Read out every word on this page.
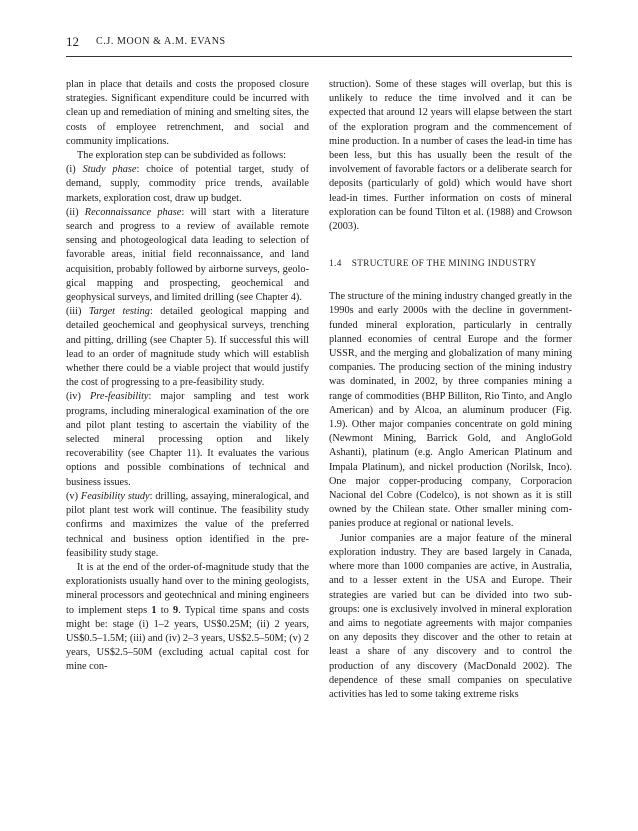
12 C.J. MOON & A.M. EVANS

plan in place that details and costs the proposed closure strategies. Significant expenditure could be incurred with clean up and remediation of mining and smelting sites, the costs of employee retrenchment, and social and community implications.

The exploration step can be subdivided as follows:

(i) Study phase: choice of potential target, study of demand, supply, commodity price trends, available markets, exploration cost, draw up budget.

(ii) Reconnaissance phase: will start with a literature search and progress to a review of available remote sensing and photogeological data leading to selection of favorable areas, initial field reconnaissance, and land acquisition, probably followed by airborne surveys, geological mapping and prospecting, geochemical and geophysical surveys, and limited drilling (see Chapter 4).

(iii) Target testing: detailed geological mapping and detailed geochemical and geophysical surveys, trenching and pitting, drilling (see Chapter 5). If successful this will lead to an order of magnitude study which will establish whether there could be a viable project that would justify the cost of progressing to a pre-feasibility study.

(iv) Pre-feasibility: major sampling and test work programs, including mineralogical examination of the ore and pilot plant testing to ascertain the viability of the selected mineral processing option and likely recoverability (see Chapter 11). It evaluates the various options and possible combinations of technical and business issues.

(v) Feasibility study: drilling, assaying, mineralogical, and pilot plant test work will continue. The feasibility study confirms and maximizes the value of the preferred technical and business option identified in the pre-feasibility study stage.

It is at the end of the order-of-magnitude study that the explorationists usually hand over to the mining geologists, mineral processors and geotechnical and mining engineers to implement steps 1 to 9. Typical time spans and costs might be: stage (i) 1–2 years, US$0.25M; (ii) 2 years, US$0.5–1.5M; (iii) and (iv) 2–3 years, US$2.5–50M; (v) 2 years, US$2.5–50M (excluding actual capital cost for mine con-

struction). Some of these stages will overlap, but this is unlikely to reduce the time involved and it can be expected that around 12 years will elapse between the start of the exploration program and the commencement of mine production. In a number of cases the lead-in time has been less, but this has usually been the result of the involvement of favorable factors or a deliberate search for deposits (particularly of gold) which would have short lead-in times. Further information on costs of mineral exploration can be found Tilton et al. (1988) and Crowson (2003).

1.4 STRUCTURE OF THE MINING INDUSTRY

The structure of the mining industry changed greatly in the 1990s and early 2000s with the decline in government-funded mineral exploration, particularly in centrally planned economies of central Europe and the former USSR, and the merging and globalization of many mining companies. The producing section of the mining industry was dominated, in 2002, by three companies mining a range of commodities (BHP Billiton, Rio Tinto, and Anglo American) and by Alcoa, an aluminum producer (Fig. 1.9). Other major companies concentrate on gold mining (Newmont Mining, Barrick Gold, and AngloGold Ashanti), platinum (e.g. Anglo American Platinum and Impala Platinum), and nickel production (Norilsk, Inco). One major copper-producing company, Corporacion Nacional del Cobre (Codelco), is not shown as it is still owned by the Chilean state. Other smaller mining companies produce at regional or national levels.

Junior companies are a major feature of the mineral exploration industry. They are based largely in Canada, where more than 1000 companies are active, in Australia, and to a lesser extent in the USA and Europe. Their strategies are varied but can be divided into two subgroups: one is exclusively involved in mineral exploration and aims to negotiate agreements with major companies on any deposits they discover and the other to retain at least a share of any discovery and to control the production of any discovery (MacDonald 2002). The dependence of these small companies on speculative activities has led to some taking extreme risks
